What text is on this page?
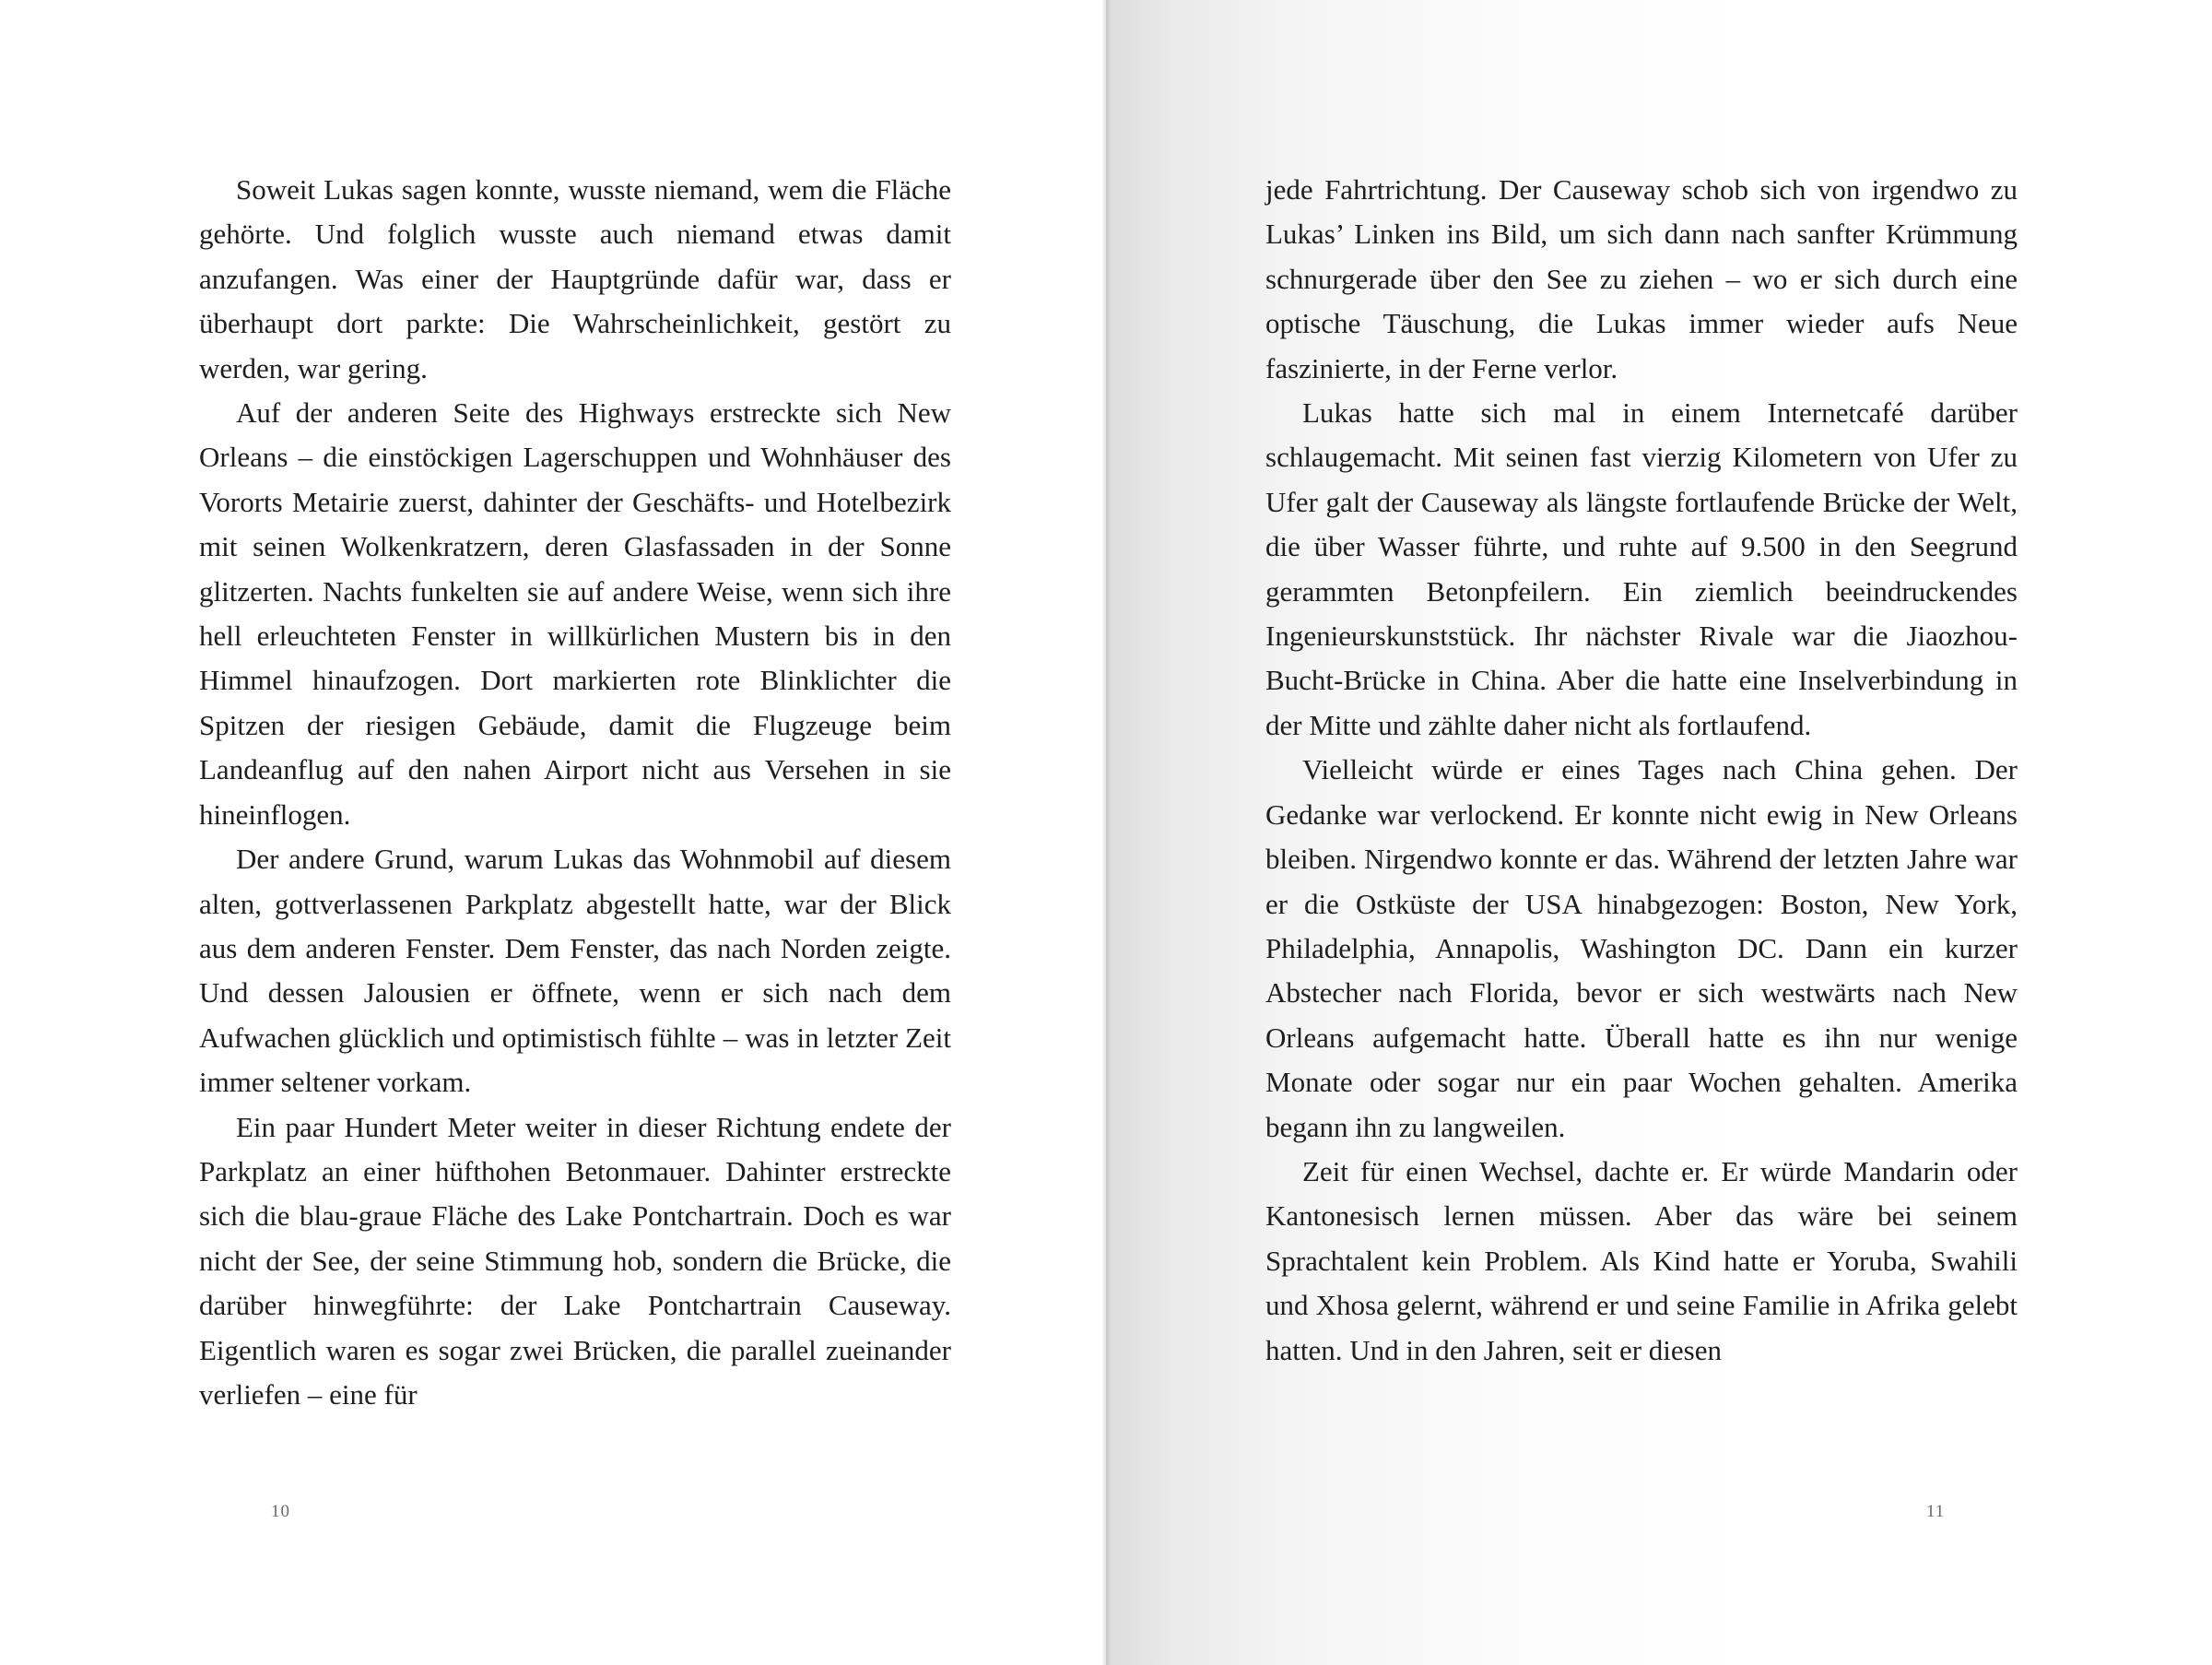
Soweit Lukas sagen konnte, wusste niemand, wem die Fläche gehörte. Und folglich wusste auch niemand etwas damit anzufangen. Was einer der Hauptgründe dafür war, dass er überhaupt dort parkte: Die Wahrscheinlichkeit, gestört zu werden, war gering.

Auf der anderen Seite des Highways erstreckte sich New Orleans – die einstöckigen Lagerschuppen und Wohnhäuser des Vororts Metairie zuerst, dahinter der Geschäfts- und Hotelbezirk mit seinen Wolkenkratzern, deren Glasfassaden in der Sonne glitzerten. Nachts funkelten sie auf andere Weise, wenn sich ihre hell erleuchteten Fenster in willkürlichen Mustern bis in den Himmel hinaufzogen. Dort markierten rote Blinklichter die Spitzen der riesigen Gebäude, damit die Flugzeuge beim Landeanflug auf den nahen Airport nicht aus Versehen in sie hineinflogen.

Der andere Grund, warum Lukas das Wohnmobil auf diesem alten, gottverlassenen Parkplatz abgestellt hatte, war der Blick aus dem anderen Fenster. Dem Fenster, das nach Norden zeigte. Und dessen Jalousien er öffnete, wenn er sich nach dem Aufwachen glücklich und optimistisch fühlte – was in letzter Zeit immer seltener vorkam.

Ein paar Hundert Meter weiter in dieser Richtung endete der Parkplatz an einer hüfthohen Betonmauer. Dahinter erstreckte sich die blau-graue Fläche des Lake Pontchartrain. Doch es war nicht der See, der seine Stimmung hob, sondern die Brücke, die darüber hinwegführte: der Lake Pontchartrain Causeway. Eigentlich waren es sogar zwei Brücken, die parallel zueinander verliefen – eine für

10

jede Fahrtrichtung. Der Causeway schob sich von irgendwo zu Lukas’ Linken ins Bild, um sich dann nach sanfter Krümmung schnurgerade über den See zu ziehen – wo er sich durch eine optische Täuschung, die Lukas immer wieder aufs Neue faszinierte, in der Ferne verlor.

Lukas hatte sich mal in einem Internetcafé darüber schlaugemacht. Mit seinen fast vierzig Kilometern von Ufer zu Ufer galt der Causeway als längste fortlaufende Brücke der Welt, die über Wasser führte, und ruhte auf 9.500 in den Seegrund gerammten Betonpfeilern. Ein ziemlich beeindruckendes Ingenieurskunststück. Ihr nächster Rivale war die Jiaozhou-Bucht-Brücke in China. Aber die hatte eine Inselverbindung in der Mitte und zählte daher nicht als fortlaufend.

Vielleicht würde er eines Tages nach China gehen. Der Gedanke war verlockend. Er konnte nicht ewig in New Orleans bleiben. Nirgendwo konnte er das. Während der letzten Jahre war er die Ostküste der USA hinabgezogen: Boston, New York, Philadelphia, Annapolis, Washington DC. Dann ein kurzer Abstecher nach Florida, bevor er sich westwärts nach New Orleans aufgemacht hatte. Überall hatte es ihn nur wenige Monate oder sogar nur ein paar Wochen gehalten. Amerika begann ihn zu langweilen.

Zeit für einen Wechsel, dachte er. Er würde Mandarin oder Kantonesisch lernen müssen. Aber das wäre bei seinem Sprachtalent kein Problem. Als Kind hatte er Yoruba, Swahili und Xhosa gelernt, während er und seine Familie in Afrika gelebt hatten. Und in den Jahren, seit er diesen

11
